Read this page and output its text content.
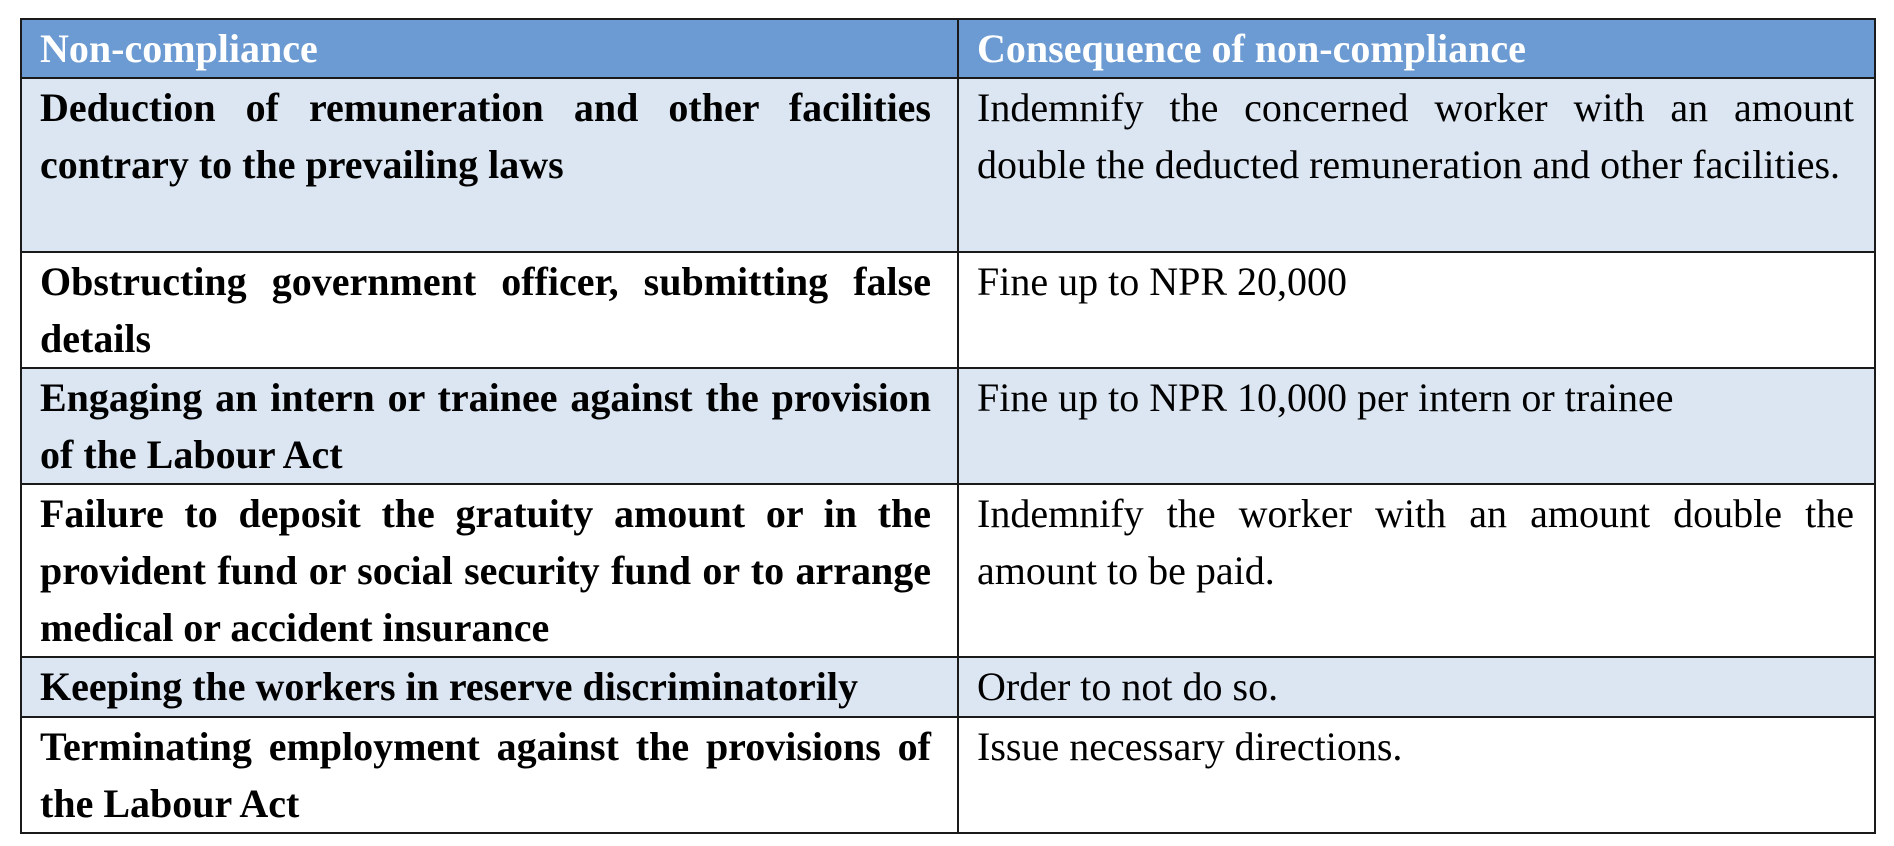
Non-compliance	Consequence of non-compliance
Deduction of remuneration and other facilities contrary to the prevailing laws	Indemnify the concerned worker with an amount double the deducted remuneration and other facilities.
Obstructing government officer, submitting false details	Fine up to NPR 20,000
Engaging an intern or trainee against the provision of the Labour Act	Fine up to NPR 10,000 per intern or trainee
Failure to deposit the gratuity amount or in the provident fund or social security fund or to arrange medical or accident insurance	Indemnify the worker with an amount double the amount to be paid.
Keeping the workers in reserve discriminatorily	Order to not do so.
Terminating employment against the provisions of the Labour Act	Issue necessary directions.
